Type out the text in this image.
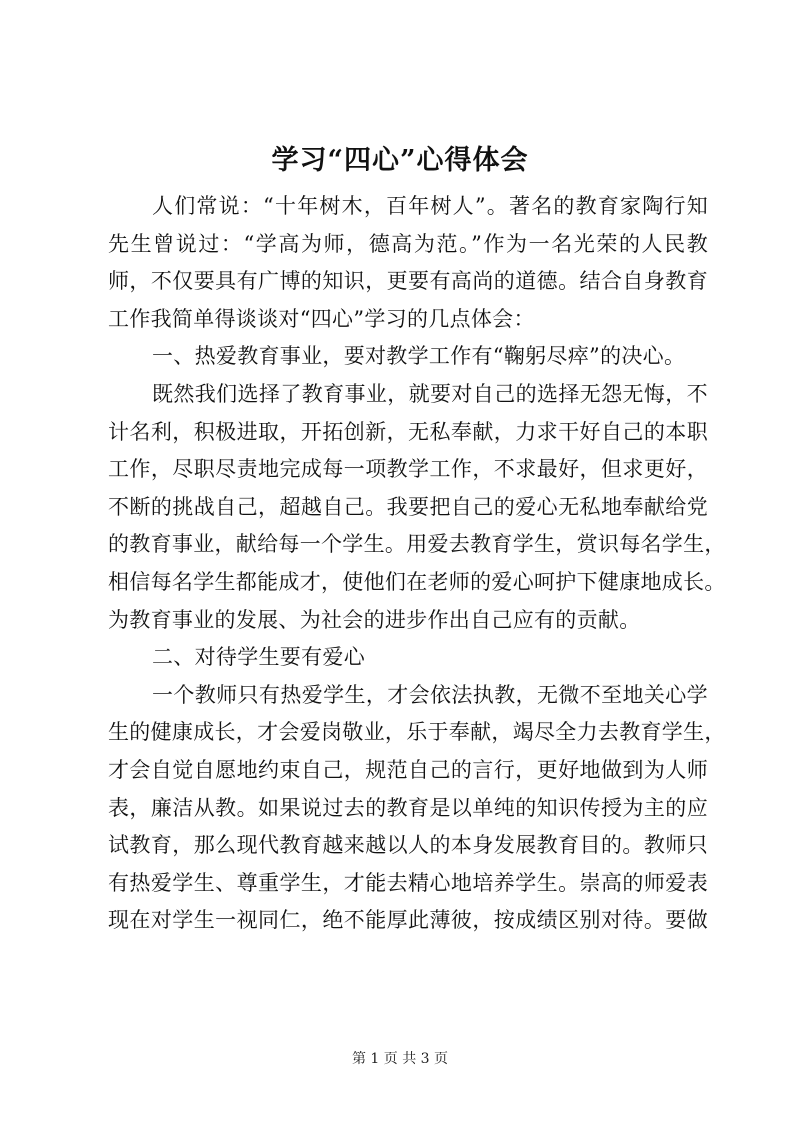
学习“四心”心得体会
人们常说：“十年树木，百年树人”。著名的教育家陶行知
先生曾说过：“学高为师，德高为范。”作为一名光荣的人民教
师，不仅要具有广博的知识，更要有高尚的道德。结合自身教育
工作我简单得谈谈对“四心”学习的几点体会：
一、热爱教育事业，要对教学工作有“鞠躬尽瘁”的决心。
既然我们选择了教育事业，就要对自己的选择无怨无悔，不
计名利，积极进取，开拓创新，无私奉献，力求干好自己的本职
工作，尽职尽责地完成每一项教学工作，不求最好，但求更好，
不断的挑战自己，超越自己。我要把自己的爱心无私地奉献给党
的教育事业，献给每一个学生。用爱去教育学生，赏识每名学生，
相信每名学生都能成才，使他们在老师的爱心呵护下健康地成长。
为教育事业的发展、为社会的进步作出自己应有的贡献。
二、对待学生要有爱心
一个教师只有热爱学生，才会依法执教，无微不至地关心学
生的健康成长，才会爱岗敬业，乐于奉献，竭尽全力去教育学生，
才会自觉自愿地约束自己，规范自己的言行，更好地做到为人师
表，廉洁从教。如果说过去的教育是以单纯的知识传授为主的应
试教育，那么现代教育越来越以人的本身发展教育目的。教师只
有热爱学生、尊重学生，才能去精心地培养学生。崇高的师爱表
现在对学生一视同仁，绝不能厚此薄彼，按成绩区别对待。要做
第 1 页 共 3 页
